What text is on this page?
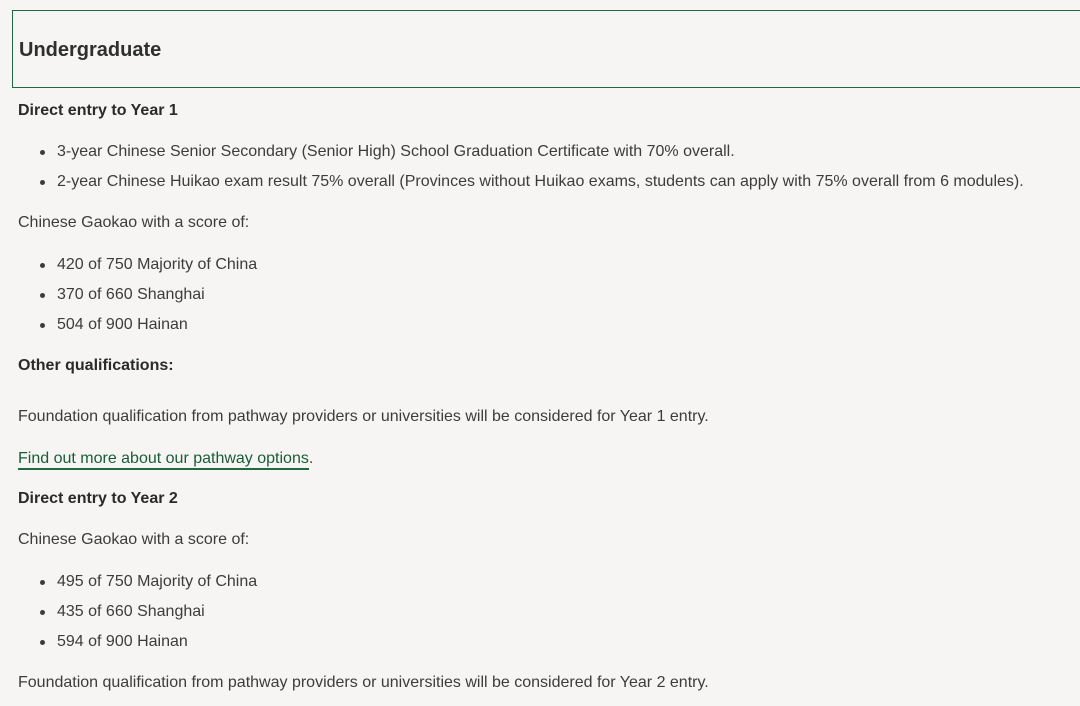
Undergraduate

Direct entry to Year 1

3-year Chinese Senior Secondary (Senior High) School Graduation Certificate with 70% overall.
2-year Chinese Huikao exam result 75% overall (Provinces without Huikao exams, students can apply with 75% overall from 6 modules).

Chinese Gaokao with a score of:

420 of 750 Majority of China
370 of 660 Shanghai
504 of 900 Hainan

Other qualifications:

Foundation qualification from pathway providers or universities will be considered for Year 1 entry.

Find out more about our pathway options.

Direct entry to Year 2

Chinese Gaokao with a score of:

495 of 750 Majority of China
435 of 660 Shanghai
594 of 900 Hainan

Foundation qualification from pathway providers or universities will be considered for Year 2 entry.
